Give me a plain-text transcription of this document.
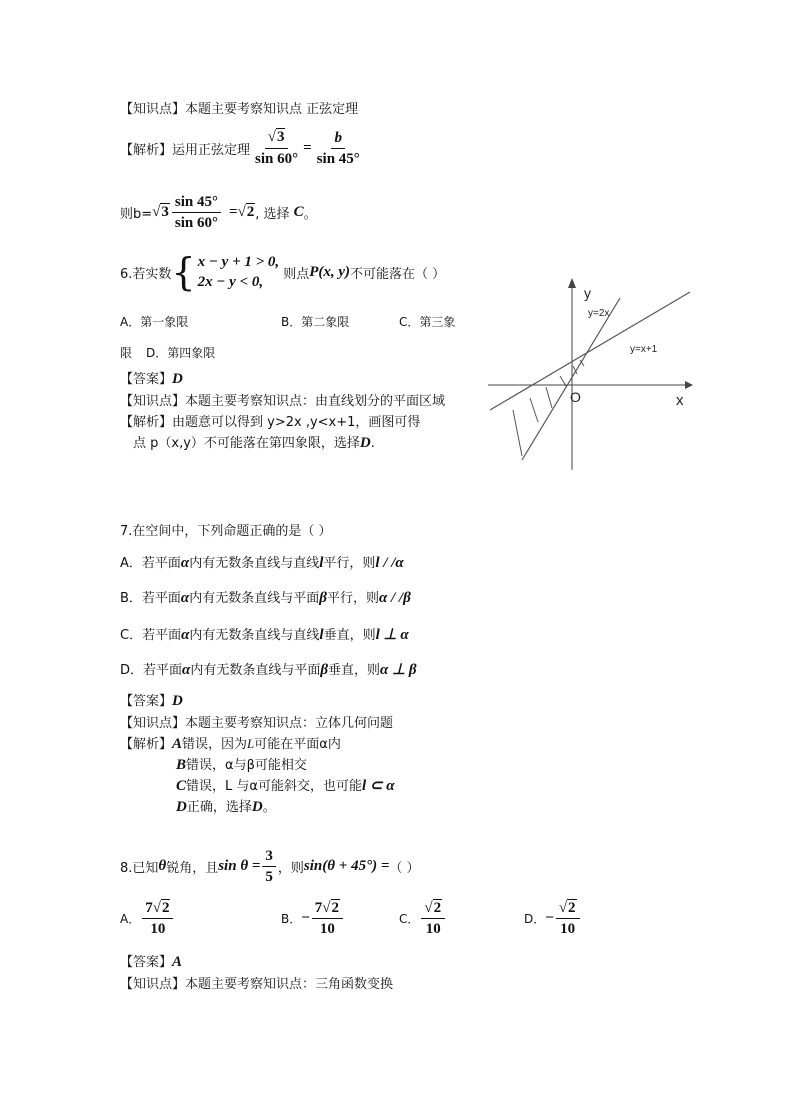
【知识点】本题主要考察知识点 正弦定理
【解析】运用正弦定理 $\frac{√3}{\sin 60^\circ} = \frac{b}{\sin 45^\circ}$
则$b= √3 \frac{\sin 45^\circ}{\sin 60^\circ} = √2$ , 选择 C 。
6.若实数 { x − y + 1 > 0,
2x − y < 0,	则点 P(x, y) 不可能落在（ ）
A．第一象限	B．第二象限	C．第三象
限 D．第四象限
【答案】D
【知识点】本题主要考察知识点：由直线划分的平面区域
【解析】由题意可以得到 y>2x ,y<x+1，画图可得
点 p（x,y）不可能落在第四象限，选择D.
y
x
O
y=2x
y=x+1
7.在空间中，下列命题正确的是（ ）
A．若平面α内有无数条直线与直线l平行，则l / /α
B．若平面α内有无数条直线与平面β平行，则α / /β
C．若平面α内有无数条直线与直线l垂直，则l ⊥ α
D．若平面α内有无数条直线与平面β垂直，则α ⊥ β
【答案】D
【知识点】本题主要考察知识点：立体几何问题
【解析】A错误，因为L可能在平面α内
B错误，α与β可能相交
C错误，L 与α可能斜交，也可能l ⊂ α
D正确，选择D。
8.已知 θ 锐角，且 $\sin \theta = \frac{3}{5}$ ，则 sin(θ + 45°) = （ ）
A． $\frac{7√2}{10}$	B． − $\frac{7√2}{10}$	C． $\frac{√2}{10}$	D． − $\frac{√2}{10}$
【答案】A
【知识点】本题主要考察知识点：三角函数变换
